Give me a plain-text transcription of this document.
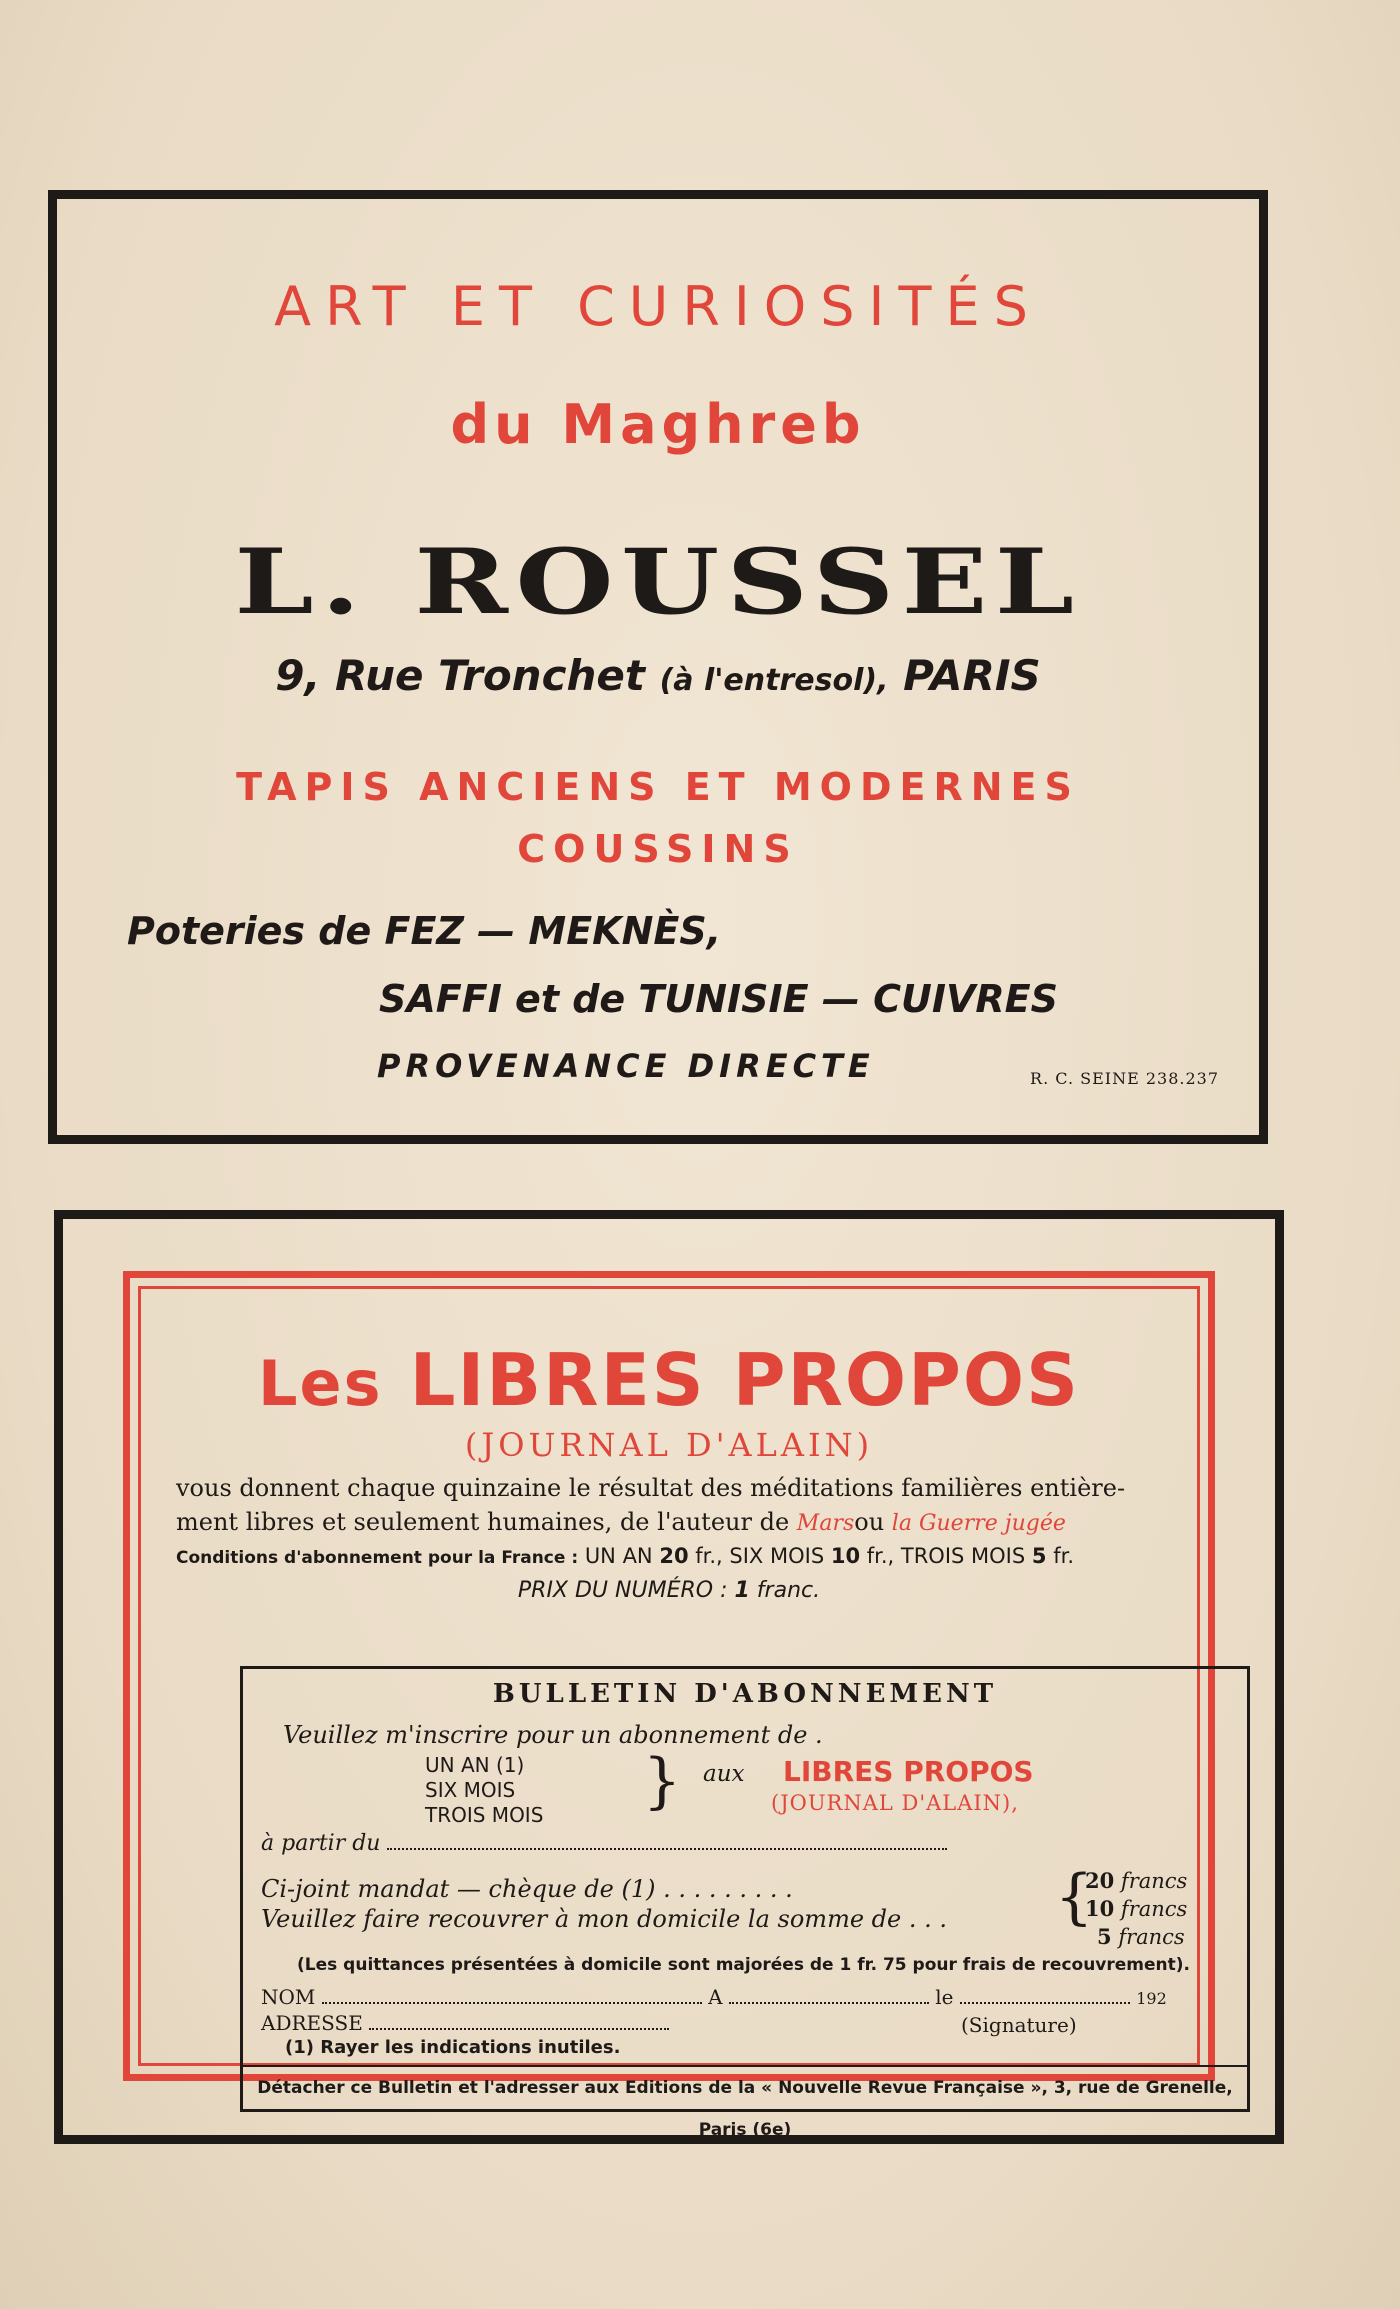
ART ET CURIOSITÉS
du Maghreb
L. ROUSSEL
9, Rue Tronchet (à l'entresol), PARIS
TAPIS ANCIENS ET MODERNES
COUSSINS
Poteries de FEZ — MEKNÈS,
SAFFI et de TUNISIE — CUIVRES
PROVENANCE DIRECTE	R. C. SEINE 238.237
Les LIBRES PROPOS
(JOURNAL D'ALAIN)
vous donnent chaque quinzaine le résultat des méditations familières entière-
ment libres et seulement humaines, de l'auteur de Marsou la Guerre jugée
Conditions d'abonnement pour la France : UN AN 20 fr., SIX MOIS 10 fr., TROIS MOIS 5 fr.
PRIX DU NUMÉRO : 1 franc.
BULLETIN D'ABONNEMENT
Veuillez m'inscrire pour un abonnement de .
UN AN (1)
SIX MOIS
TROIS MOIS } aux LIBRES PROPOS
(JOURNAL D'ALAIN),
à partir du
Ci-joint mandat — chèque de (1) . . . . . . . . .
Veuillez faire recouvrer à mon domicile la somme de . . . {
20 francs
10 francs
5 francs
(Les quittances présentées à domicile sont majorées de 1 fr. 75 pour frais de recouvrement).
NOM	A	le	192
ADRESSE	(Signature)
(1) Rayer les indications inutiles.
Détacher ce Bulletin et l'adresser aux Editions de la « Nouvelle Revue Française », 3, rue de Grenelle, Paris (6e)
